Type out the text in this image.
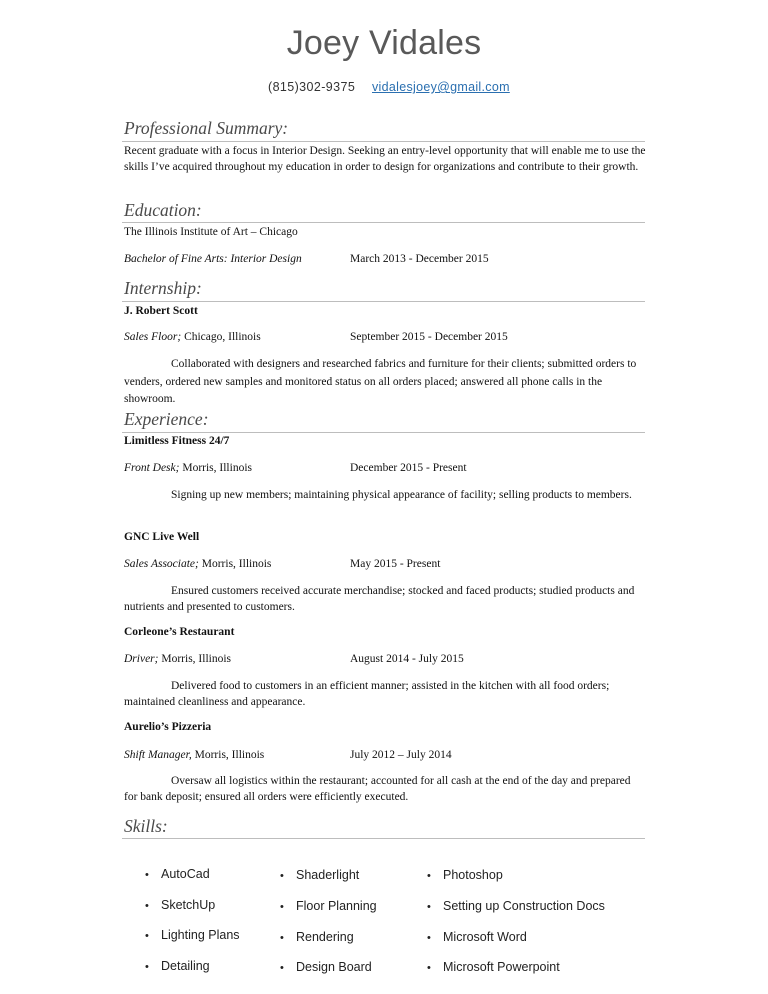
Joey Vidales
(815)302-9375 vidalesjoey@gmail.com
Professional Summary:
Recent graduate with a focus in Interior Design. Seeking an entry-level opportunity that will enable me to use the skills I’ve acquired throughout my education in order to design for organizations and contribute to their growth.
Education:
The Illinois Institute of Art – Chicago
Bachelor of Fine Arts: Interior Design	March 2013 - December 2015
Internship:
J. Robert Scott
Sales Floor; Chicago, Illinois	September 2015 - December 2015
Collaborated with designers and researched fabrics and furniture for their clients; submitted orders to venders, ordered new samples and monitored status on all orders placed; answered all phone calls in the showroom.
Experience:
Limitless Fitness 24/7
Front Desk; Morris, Illinois	December 2015 - Present
Signing up new members; maintaining physical appearance of facility; selling products to members.
GNC Live Well
Sales Associate; Morris, Illinois	May 2015 - Present
Ensured customers received accurate merchandise; stocked and faced products; studied products and nutrients and presented to customers.
Corleone’s Restaurant
Driver; Morris, Illinois	August 2014 - July 2015
Delivered food to customers in an efficient manner; assisted in the kitchen with all food orders; maintained cleanliness and appearance.
Aurelio’s Pizzeria
Shift Manager, Morris, Illinois	July 2012 – July 2014
Oversaw all logistics within the restaurant; accounted for all cash at the end of the day and prepared for bank deposit; ensured all orders were efficiently executed.
Skills:
• AutoCad
• SketchUp
• Lighting Plans
• Detailing
• Shaderlight
• Floor Planning
• Rendering
• Design Board
• Photoshop
• Setting up Construction Docs
• Microsoft Word
• Microsoft Powerpoint
